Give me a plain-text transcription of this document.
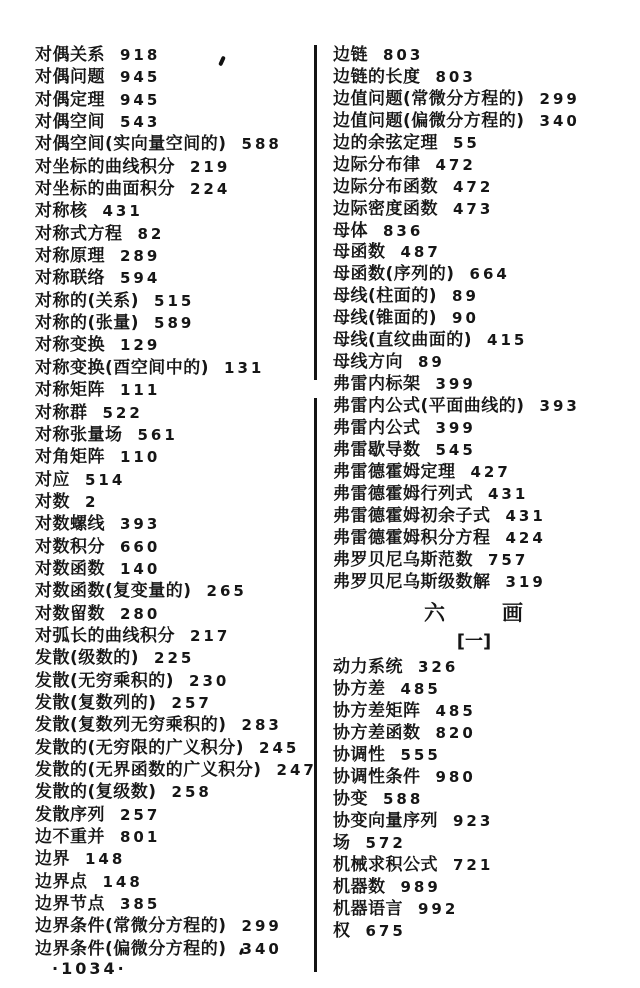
对偶关系 918
对偶问题 945
对偶定理 945
对偶空间 543
对偶空间(实向量空间的) 588
对坐标的曲线积分 219
对坐标的曲面积分 224
对称核 431
对称式方程 82
对称原理 289
对称联络 594
对称的(关系) 515
对称的(张量) 589
对称变换 129
对称变换(酉空间中的) 131
对称矩阵 111
对称群 522
对称张量场 561
对角矩阵 110
对应 514
对数 2
对数螺线 393
对数积分 660
对数函数 140
对数函数(复变量的) 265
对数留数 280
对弧长的曲线积分 217
发散(级数的) 225
发散(无穷乘积的) 230
发散(复数列的) 257
发散(复数列无穷乘积的) 283
发散的(无穷限的广义积分) 245
发散的(无界函数的广义积分) 247
发散的(复级数) 258
发散序列 257
边不重并 801
边界 148
边界点 148
边界节点 385
边界条件(常微分方程的) 299
边界条件(偏微分方程的) 340
边链 803
边链的长度 803
边值问题(常微分方程的) 299
边值问题(偏微分方程的) 340
边的余弦定理 55
边际分布律 472
边际分布函数 472
边际密度函数 473
母体 836
母函数 487
母函数(序列的) 664
母线(柱面的) 89
母线(锥面的) 90
母线(直纹曲面的) 415
母线方向 89
弗雷内标架 399
弗雷内公式(平面曲线的) 393
弗雷内公式 399
弗雷歇导数 545
弗雷德霍姆定理 427
弗雷德霍姆行列式 431
弗雷德霍姆初余子式 431
弗雷德霍姆积分方程 424
弗罗贝尼乌斯范数 757
弗罗贝尼乌斯级数解 319
六	画
[一]
动力系统 326
协方差 485
协方差矩阵 485
协方差函数 820
协调性 555
协调性条件 980
协变 588
协变向量序列 923
场 572
机械求积公式 721
机器数 989
机器语言 992
权 675
·1034·
